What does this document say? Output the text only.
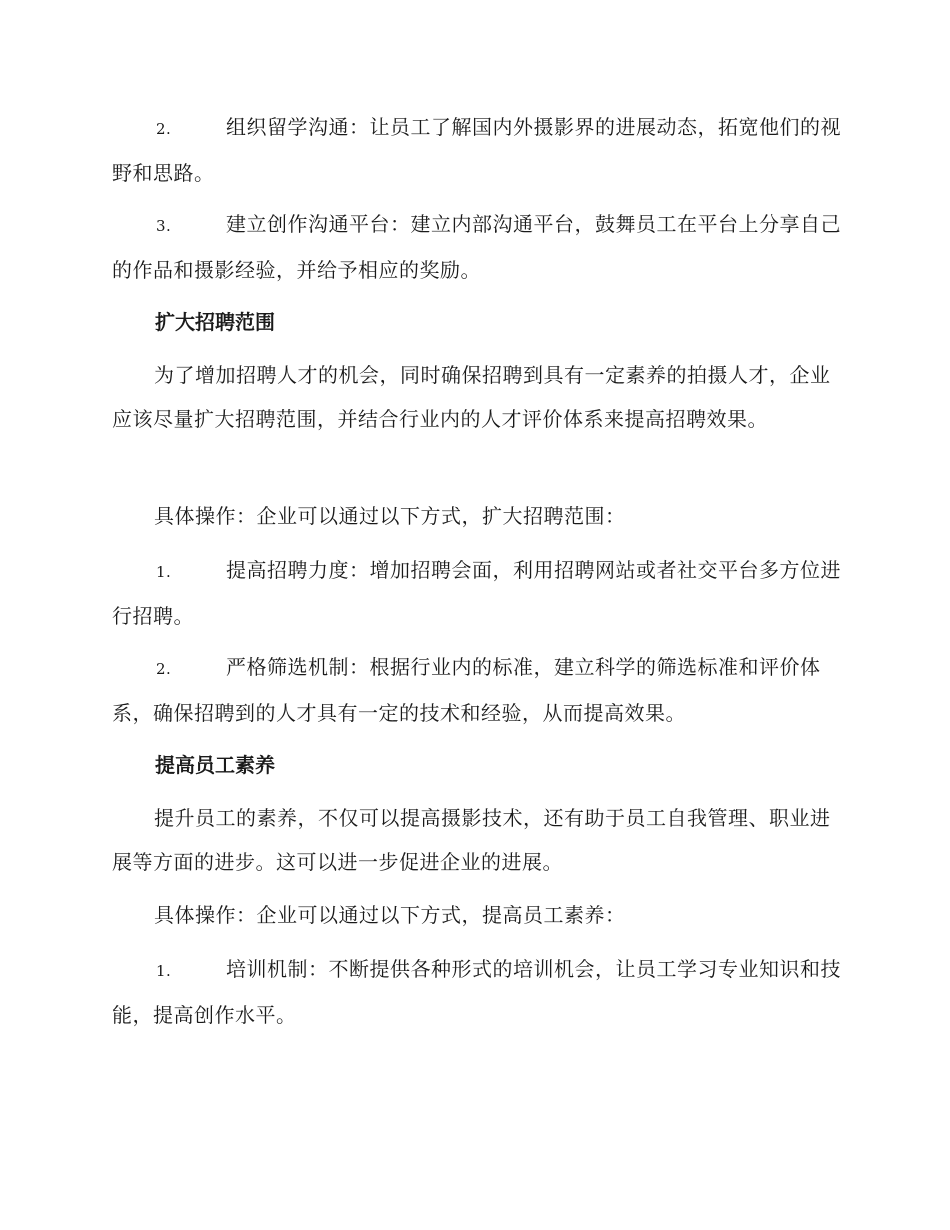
2.	组织留学沟通：让员工了解国内外摄影界的进展动态，拓宽他们的视野和思路。
3.	建立创作沟通平台：建立内部沟通平台，鼓舞员工在平台上分享自己的作品和摄影经验，并给予相应的奖励。
扩大招聘范围
为了增加招聘人才的机会，同时确保招聘到具有一定素养的拍摄人才，企业应该尽量扩大招聘范围，并结合行业内的人才评价体系来提高招聘效果。
具体操作：企业可以通过以下方式，扩大招聘范围：
1.	提高招聘力度：增加招聘会面，利用招聘网站或者社交平台多方位进行招聘。
2.	严格筛选机制：根据行业内的标准，建立科学的筛选标准和评价体系，确保招聘到的人才具有一定的技术和经验，从而提高效果。
提高员工素养
提升员工的素养，不仅可以提高摄影技术，还有助于员工自我管理、职业进展等方面的进步。这可以进一步促进企业的进展。
具体操作：企业可以通过以下方式，提高员工素养：
1.	培训机制：不断提供各种形式的培训机会，让员工学习专业知识和技能，提高创作水平。
